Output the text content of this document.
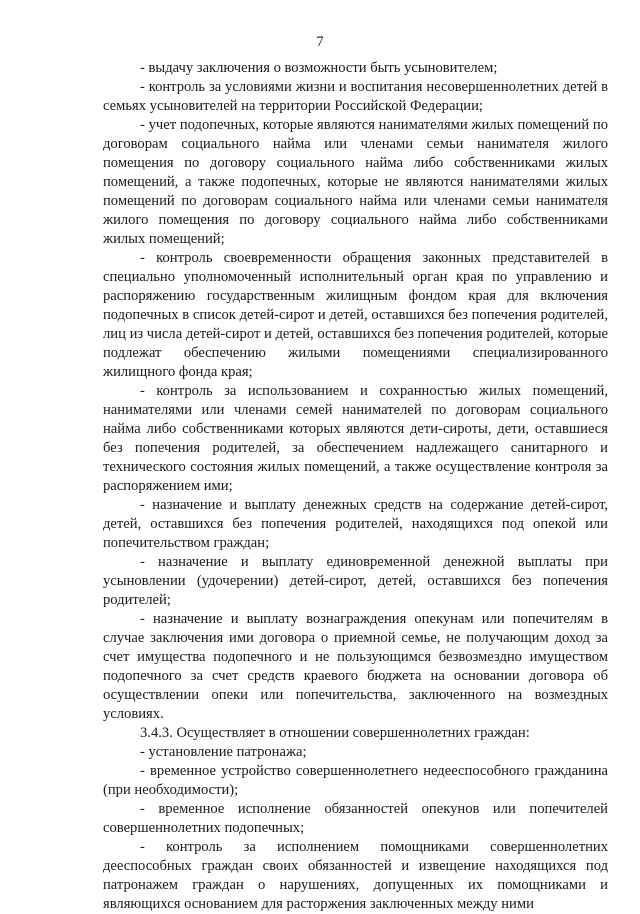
7

- выдачу заключения о возможности быть усыновителем;

- контроль за условиями жизни и воспитания несовершеннолетних детей в семьях усыновителей на территории Российской Федерации;

- учет подопечных, которые являются нанимателями жилых помещений по договорам социального найма или членами семьи нанимателя жилого помещения по договору социального найма либо собственниками жилых помещений, а также подопечных, которые не являются нанимателями жилых помещений по договорам социального найма или членами семьи нанимателя жилого помещения по договору социального найма либо собственниками жилых помещений;

- контроль своевременности обращения законных представителей в специально уполномоченный исполнительный орган края по управлению и распоряжению государственным жилищным фондом края для включения подопечных в список детей-сирот и детей, оставшихся без попечения родителей, лиц из числа детей-сирот и детей, оставшихся без попечения родителей, которые подлежат обеспечению жилыми помещениями специализированного жилищного фонда края;

- контроль за использованием и сохранностью жилых помещений, нанимателями или членами семей нанимателей по договорам социального найма либо собственниками которых являются дети-сироты, дети, оставшиеся без попечения родителей, за обеспечением надлежащего санитарного и технического состояния жилых помещений, а также осуществление контроля за распоряжением ими;

- назначение и выплату денежных средств на содержание детей-сирот, детей, оставшихся без попечения родителей, находящихся под опекой или попечительством граждан;

- назначение и выплату единовременной денежной выплаты при усыновлении (удочерении) детей-сирот, детей, оставшихся без попечения родителей;

- назначение и выплату вознаграждения опекунам или попечителям в случае заключения ими договора о приемной семье, не получающим доход за счет имущества подопечного и не пользующимся безвозмездно имуществом подопечного за счет средств краевого бюджета на основании договора об осуществлении опеки или попечительства, заключенного на возмездных условиях.

3.4.3. Осуществляет в отношении совершеннолетних граждан:

- установление патронажа;

- временное устройство совершеннолетнего недееспособного гражданина (при необходимости);

- временное исполнение обязанностей опекунов или попечителей совершеннолетних подопечных;

- контроль за исполнением помощниками совершеннолетних дееспособных граждан своих обязанностей и извещение находящихся под патронажем граждан о нарушениях, допущенных их помощниками и являющихся основанием для расторжения заключенных между ними
